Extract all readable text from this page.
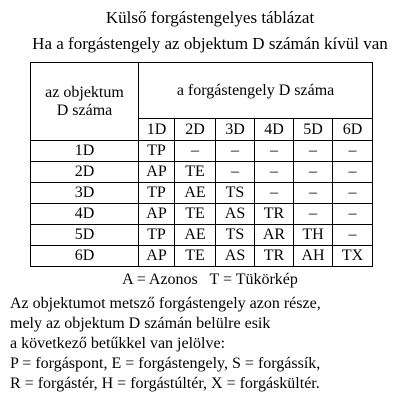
Külső forgástengelyes táblázat
Ha a forgástengely az objektum D számán kívül van
az objektum
D száma	a forgástengely D száma					
	1D	2D	3D	4D	5D	6D
1D	TP	–	–	–	–	–
2D	AP	TE	–	–	–	–
3D	TP	AE	TS	–	–	–
4D	AP	TE	AS	TR	–	–
5D	TP	AE	TS	AR	TH	–
6D	AP	TE	AS	TR	AH	TX
A = Azonos   T = Tükörkép
Az objektumot metsző forgástengely azon része,
mely az objektum D számán belülre esik
a következő betűkkel van jelölve:
P = forgáspont, E = forgástengely, S = forgássík,
R = forgástér, H = forgástúltér, X = forgáskültér.
